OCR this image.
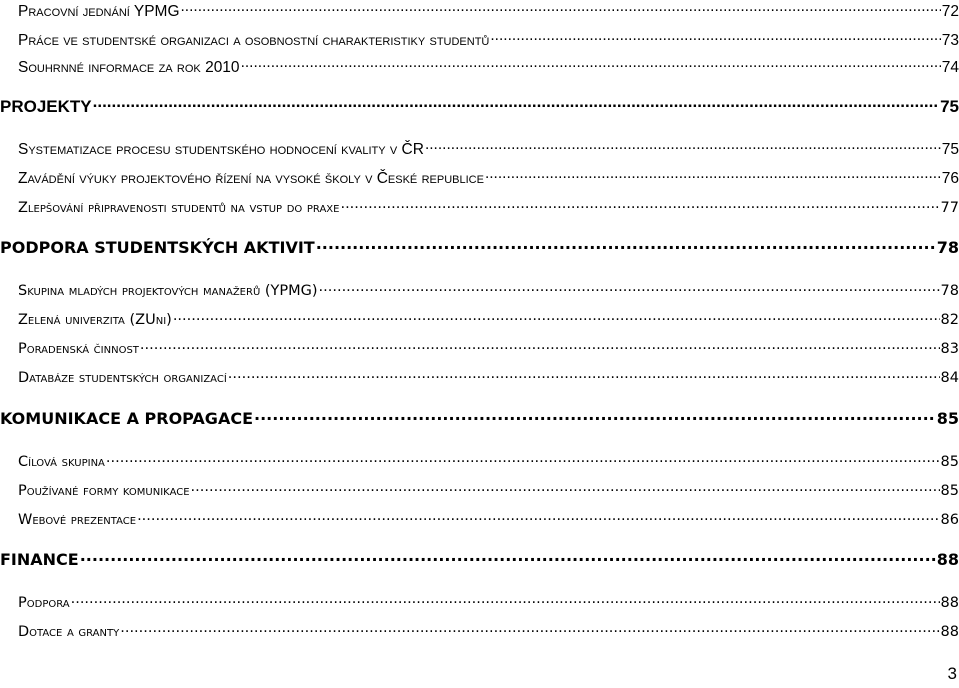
Pracovní jednání YPMG .....	72
Práce ve studentské organizaci a osobnostní charakteristiky studentů .....	73
Souhrnné informace za rok 2010 .....	74
PROJEKTY .....	75
Systematizace procesu studentského hodnocení kvality v ČR .....	75
Zavádění výuky projektového řízení na vysoké školy v České republice .....	76
Zlepšování připravenosti studentů na vstup do praxe .....	77
PODPORA STUDENTSKÝCH AKTIVIT .....	78
Skupina mladých projektových manažerů (YPMG) .....	78
Zelená univerzita (ZUni) .....	82
Poradenská činnost .....	83
Databáze studentských organizací .....	84
KOMUNIKACE A PROPAGACE .....	85
Cílová skupina .....	85
Používané formy komunikace .....	85
Webové prezentace .....	86
FINANCE .....	88
Podpora .....	88
Dotace a granty .....	88
3
